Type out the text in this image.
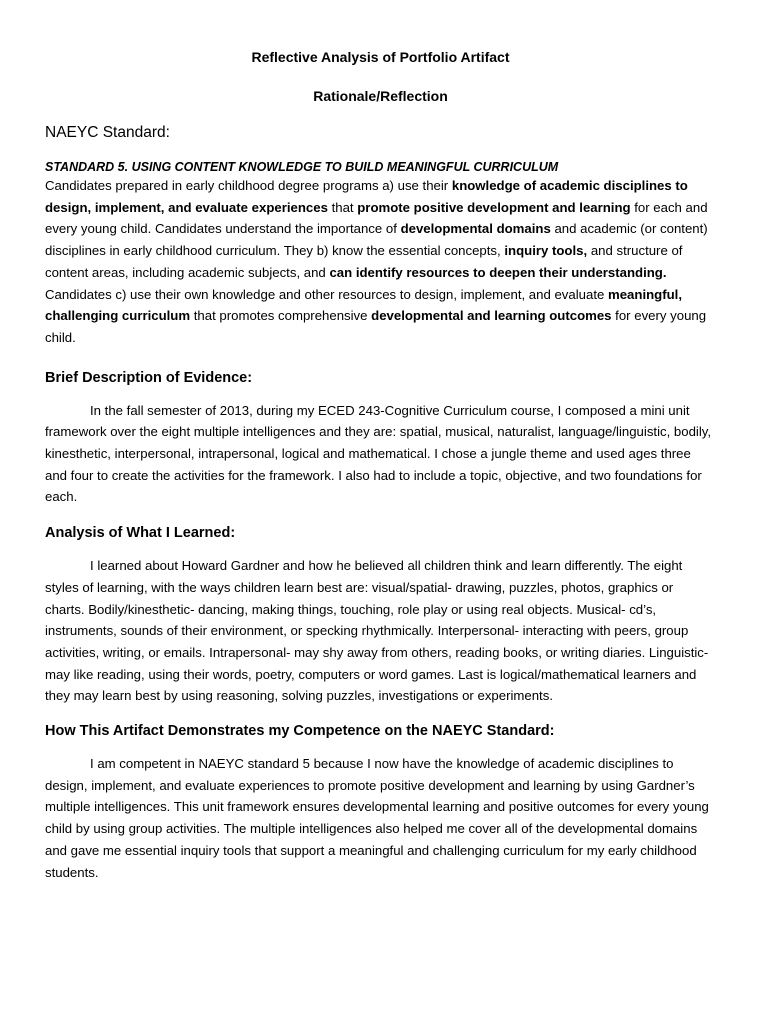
Reflective Analysis of Portfolio Artifact
Rationale/Reflection
NAEYC Standard:
STANDARD 5. USING CONTENT KNOWLEDGE TO BUILD MEANINGFUL CURRICULUM

Candidates prepared in early childhood degree programs a) use their knowledge of academic disciplines to design, implement, and evaluate experiences that promote positive development and learning for each and every young child. Candidates understand the importance of developmental domains and academic (or content) disciplines in early childhood curriculum. They b) know the essential concepts, inquiry tools, and structure of content areas, including academic subjects, and can identify resources to deepen their understanding. Candidates c) use their own knowledge and other resources to design, implement, and evaluate meaningful, challenging curriculum that promotes comprehensive developmental and learning outcomes for every young child.

Brief Description of Evidence:

In the fall semester of 2013, during my ECED 243-Cognitive Curriculum course, I composed a mini unit framework over the eight multiple intelligences and they are: spatial, musical, naturalist, language/linguistic, bodily, kinesthetic, interpersonal, intrapersonal, logical and mathematical. I chose a jungle theme and used ages three and four to create the activities for the framework. I also had to include a topic, objective, and two foundations for each.

Analysis of What I Learned:

I learned about Howard Gardner and how he believed all children think and learn differently. The eight styles of learning, with the ways children learn best are: visual/spatial- drawing, puzzles, photos, graphics or charts. Bodily/kinesthetic- dancing, making things, touching, role play or using real objects. Musical- cd’s, instruments, sounds of their environment, or specking rhythmically. Interpersonal- interacting with peers, group activities, writing, or emails. Intrapersonal- may shy away from others, reading books, or writing diaries. Linguistic- may like reading, using their words, poetry, computers or word games. Last is logical/mathematical learners and they may learn best by using reasoning, solving puzzles, investigations or experiments.

How This Artifact Demonstrates my Competence on the NAEYC Standard:

I am competent in NAEYC standard 5 because I now have the knowledge of academic disciplines to design, implement, and evaluate experiences to promote positive development and learning by using Gardner’s multiple intelligences. This unit framework ensures developmental learning and positive outcomes for every young child by using group activities. The multiple intelligences also helped me cover all of the developmental domains and gave me essential inquiry tools that support a meaningful and challenging curriculum for my early childhood students.
